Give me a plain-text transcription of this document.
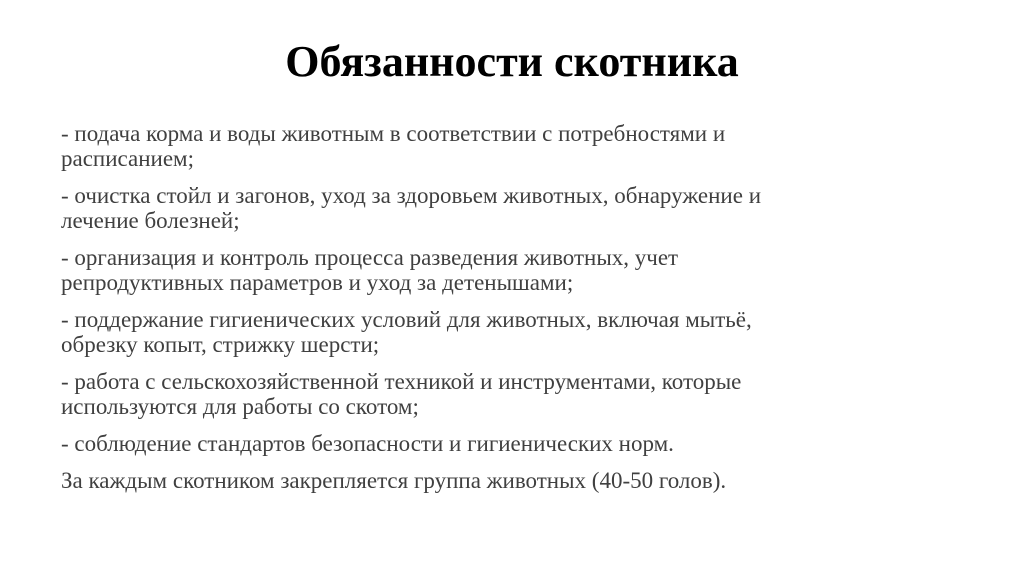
Обязанности скотника
- подача корма и воды животным в соответствии с потребностями и
расписанием;
- очистка стойл и загонов, уход за здоровьем животных, обнаружение и
лечение болезней;
- организация и контроль процесса разведения животных, учет
репродуктивных параметров и уход за детенышами;
- поддержание гигиенических условий для животных, включая мытьё,
обрезку копыт, стрижку шерсти;
- работа с сельскохозяйственной техникой и инструментами, которые
используются для работы со скотом;
- соблюдение стандартов безопасности и гигиенических норм.
За каждым скотником закрепляется группа животных (40-50 голов).
